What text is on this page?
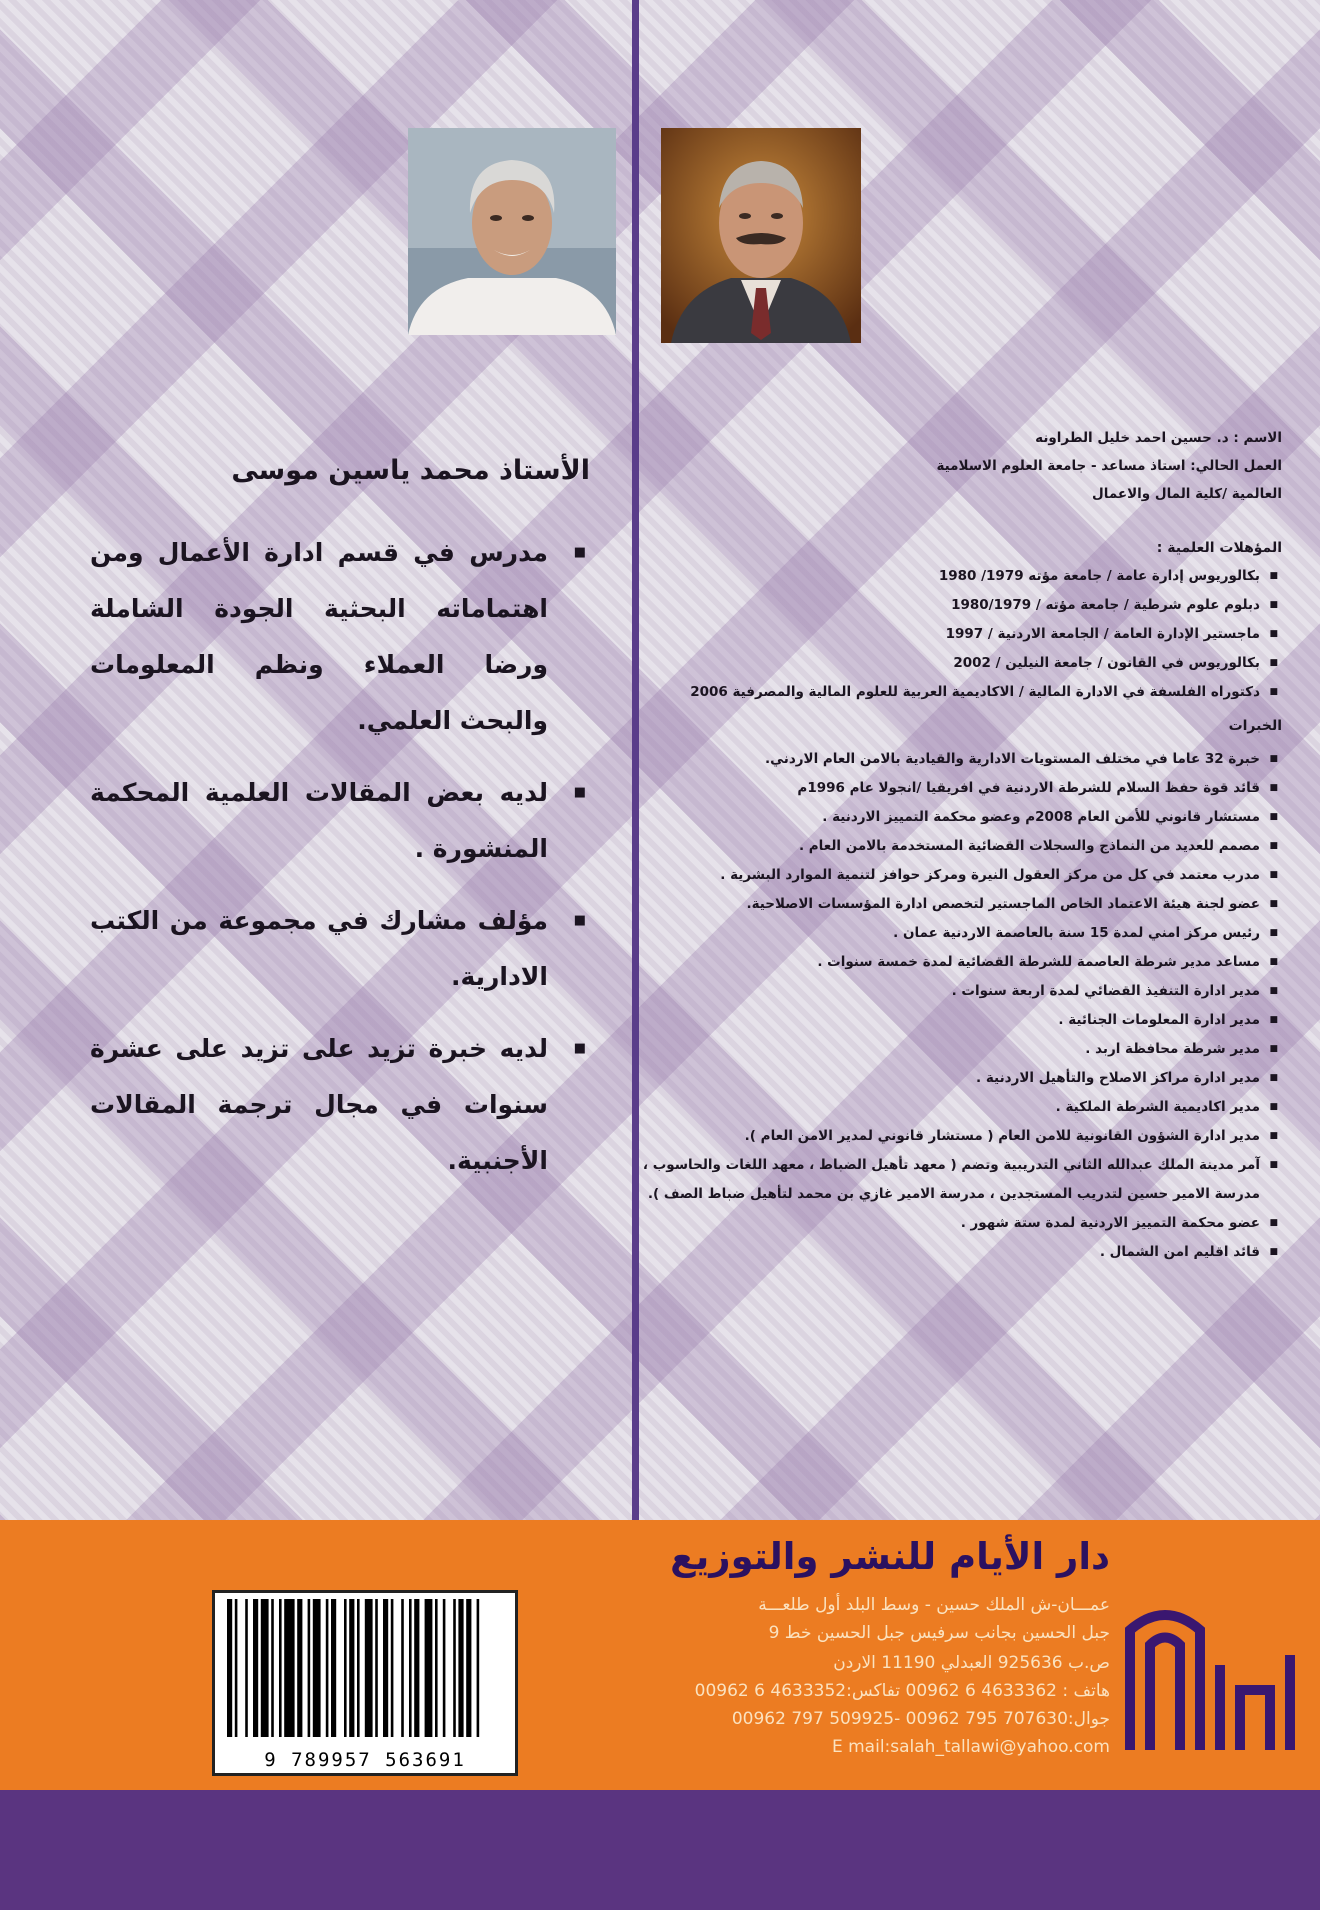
الاسم : د. حسين احمد خليل الطراونه

العمل الحالي: استاذ مساعد - جامعة العلوم الاسلامية

العالمية /كلية المال والاعمال

المؤهلات العلمية :

■ بكالوريوس إدارة عامة / جامعة مؤته 1979/ 1980
■ دبلوم علوم شرطية / جامعة مؤته / 1980/1979
■ ماجستير الإدارة العامة / الجامعة الاردنية / 1997
■ بكالوريوس في القانون / جامعة النيلين / 2002
■ دكتوراه الفلسفة في الادارة المالية / الاكاديمية العربية للعلوم المالية والمصرفية 2006

الخبرات

■ خبرة 32 عاما في مختلف المستويات الادارية والقيادية بالامن العام الاردني.
■ قائد قوة حفظ السلام للشرطة الاردنية في افريقيا /انجولا عام 1996م
■ مستشار قانوني للأمن العام 2008م وعضو محكمة التمييز الاردنية .
■ مصمم للعديد من النماذج والسجلات القضائية المستخدمة بالامن العام .
■ مدرب معتمد في كل من مركز العقول النيرة ومركز حوافز لتنمية الموارد البشرية .
■ عضو لجنة هيئة الاعتماد الخاص الماجستير لتخصص ادارة المؤسسات الاصلاحية.
■ رئيس مركز امني لمدة 15 سنة بالعاصمة الاردنية عمان .
■ مساعد مدير شرطة العاصمة للشرطة القضائية لمدة خمسة سنوات .
■ مدير ادارة التنفيذ القضائي لمدة اربعة سنوات .
■ مدير ادارة المعلومات الجنائية .
■ مدير شرطة محافظة اربد .
■ مدير ادارة مراكز الاصلاح والتأهيل الاردنية .
■ مدير اكاديمية الشرطة الملكية .
■ مدير ادارة الشؤون القانونية للامن العام ( مستشار قانوني لمدير الامن العام ).
■ آمر مدينة الملك عبدالله الثاني التدريبية وتضم ( معهد تأهيل الضباط ، معهد اللغات والحاسوب ، مدرسة الامير حسين لتدريب المستجدين ، مدرسة الامير غازي بن محمد لتأهيل ضباط الصف ).
■ عضو محكمة التمييز الاردنية لمدة ستة شهور .
■ قائد اقليم امن الشمال .

الأستاذ محمد ياسين موسى

■ مدرس في قسم ادارة الأعمال ومن اهتماماته البحثية الجودة الشاملة ورضا العملاء ونظم المعلومات والبحث العلمي.
■ لديه بعض المقالات العلمية المحكمة المنشورة .
■ مؤلف مشارك في مجموعة من الكتب الادارية.
■ لديه خبرة تزيد على تزيد على عشرة سنوات في مجال ترجمة المقالات الأجنبية.
9 789957 563691

دار الأيام للنشر والتوزيع

عمـــان-ش الملك حسين - وسط البلد أول طلعـــة

جبل الحسين بجانب سرفيس جبل الحسين خط 9

ص.ب 925636 العبدلي 11190 الاردن

هاتف : 4633362 6 00962 تفاكس:4633352 6 00962

جوال:707630 795 00962 -509925 797 00962

E mail:salah_tallawi@yahoo.com
